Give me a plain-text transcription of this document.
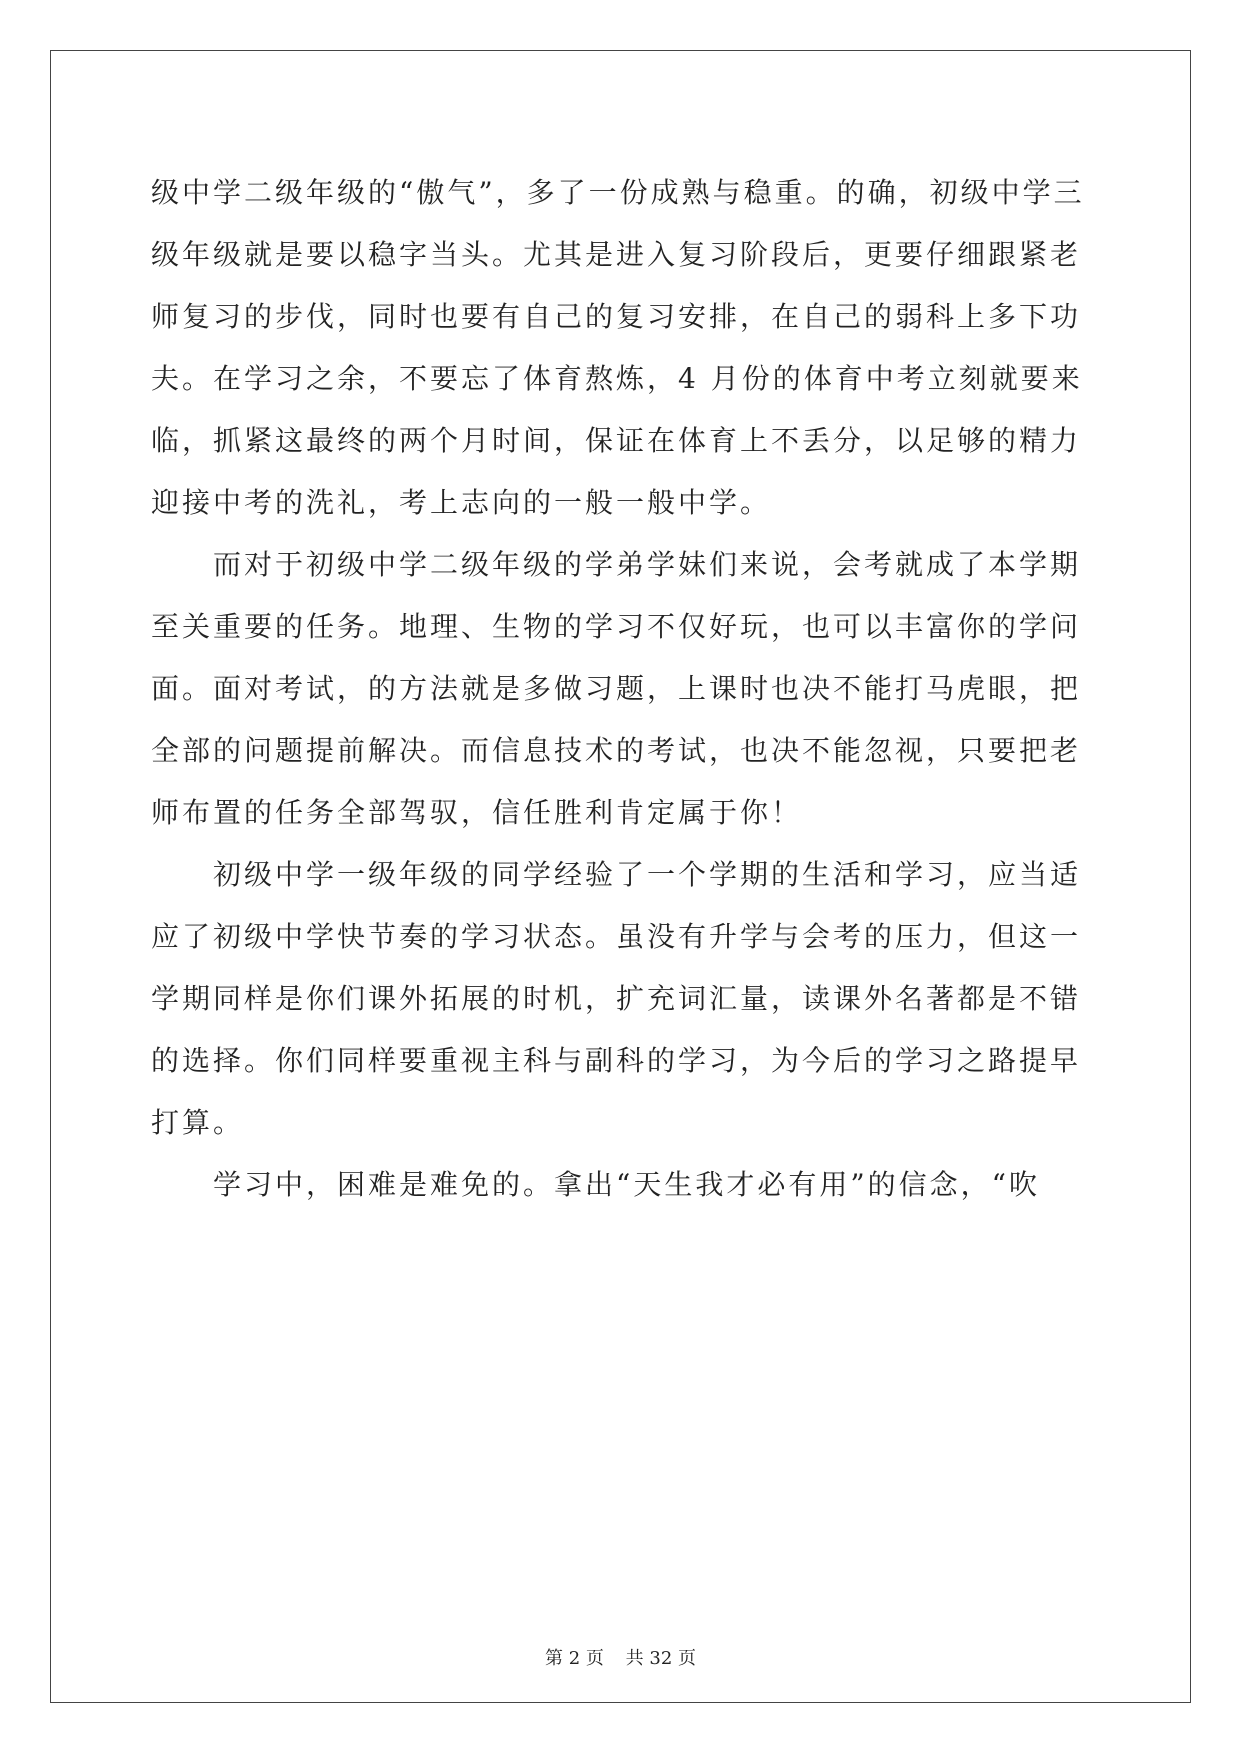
级中学二级年级的“傲气”，多了一份成熟与稳重。的确，初级中学三
级年级就是要以稳字当头。尤其是进入复习阶段后，更要仔细跟紧老
师复习的步伐，同时也要有自己的复习安排，在自己的弱科上多下功
夫。在学习之余，不要忘了体育熬炼，4 月份的体育中考立刻就要来
临，抓紧这最终的两个月时间，保证在体育上不丢分，以足够的精力
迎接中考的洗礼，考上志向的一般一般中学。
而对于初级中学二级年级的学弟学妹们来说，会考就成了本学期
至关重要的任务。地理、生物的学习不仅好玩，也可以丰富你的学问
面。面对考试，的方法就是多做习题，上课时也决不能打马虎眼，把
全部的问题提前解决。而信息技术的考试，也决不能忽视，只要把老
师布置的任务全部驾驭，信任胜利肯定属于你！
初级中学一级年级的同学经验了一个学期的生活和学习，应当适
应了初级中学快节奏的学习状态。虽没有升学与会考的压力，但这一
学期同样是你们课外拓展的时机，扩充词汇量，读课外名著都是不错
的选择。你们同样要重视主科与副科的学习，为今后的学习之路提早
打算。
学习中，困难是难免的。拿出“天生我才必有用”的信念，“吹
第 2 页 共 32 页
